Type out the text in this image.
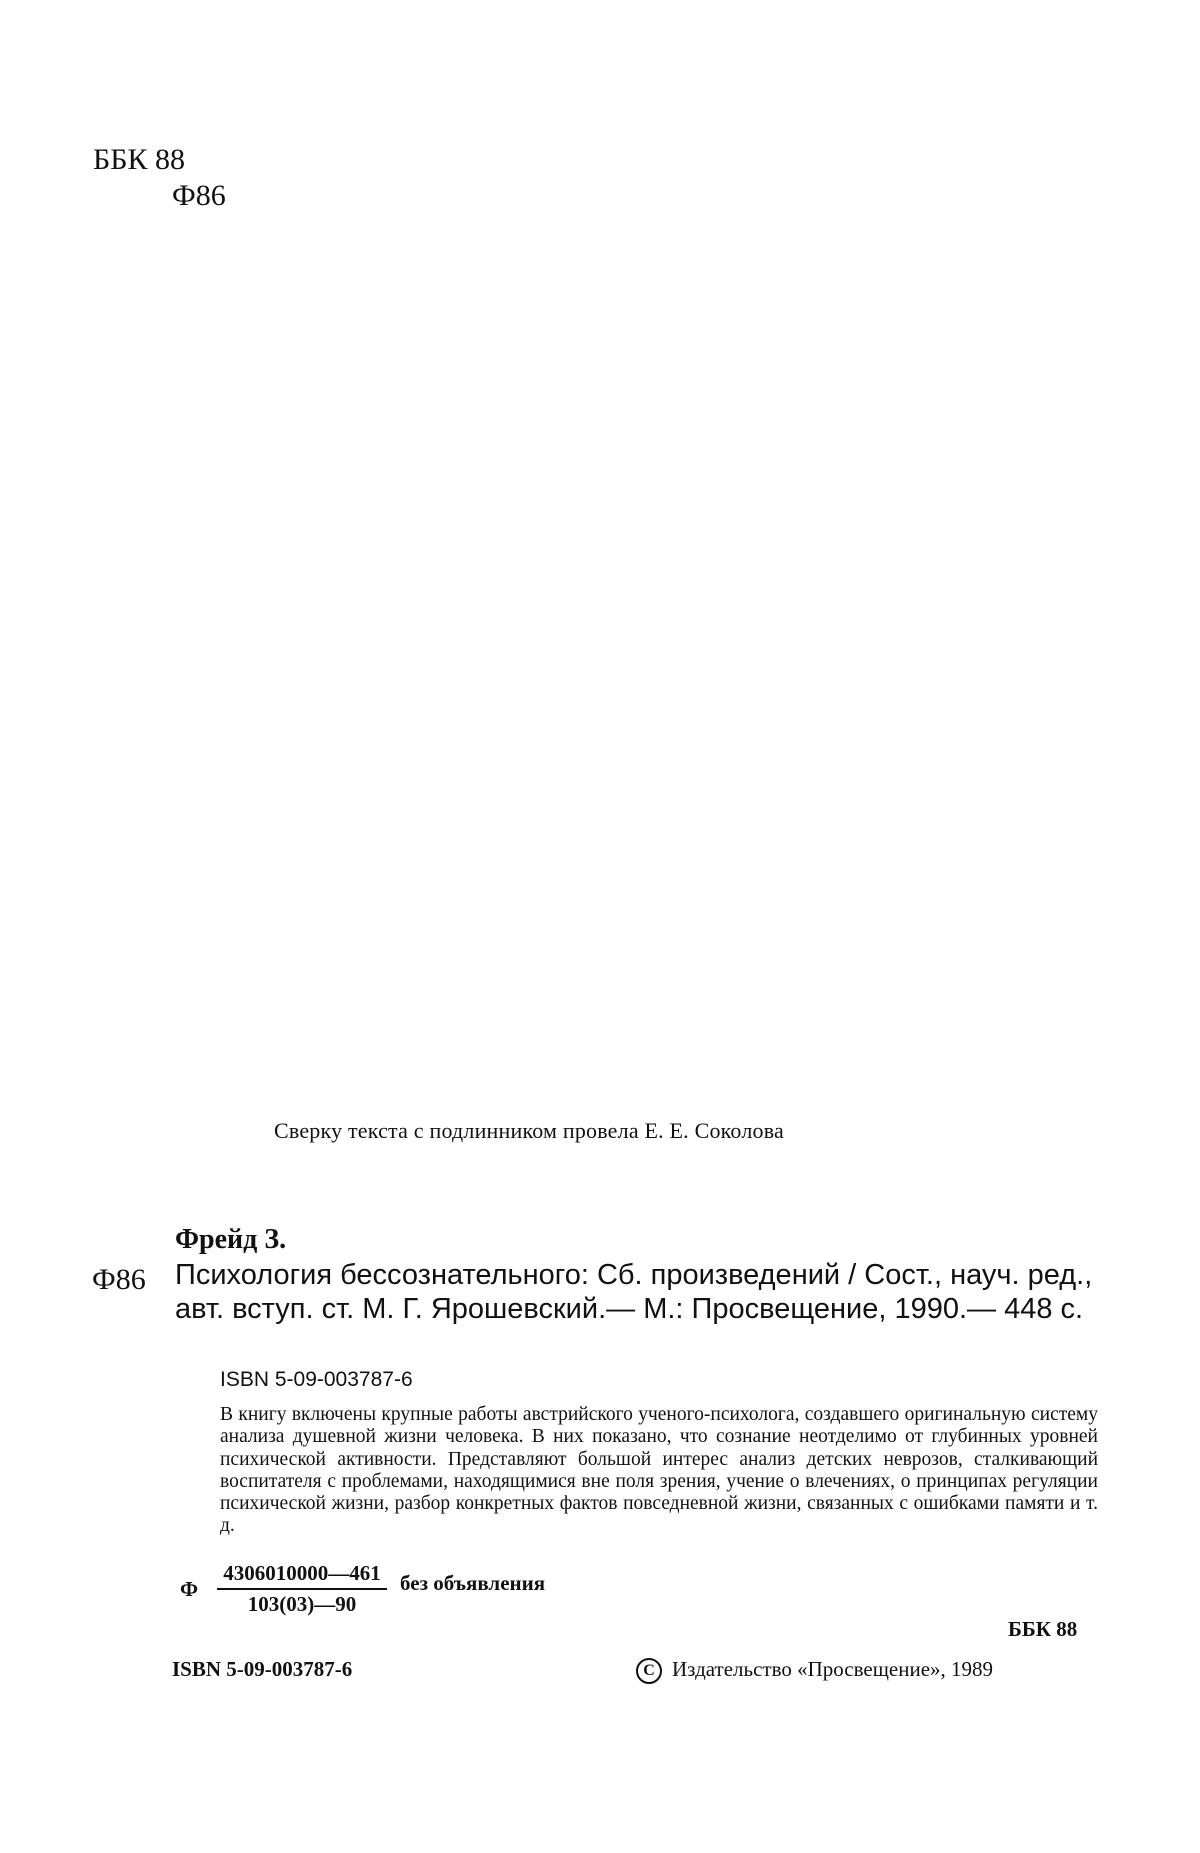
ББК 88
Ф86
Сверку текста с подлинником провела Е. Е. Соколова
Фрейд З.
Ф86 Психология бессознательного: Сб. произведений / Сост., науч. ред., авт. вступ. ст. М. Г. Ярошевский.— М.: Просвещение, 1990.— 448 с.
ISBN 5-09-003787-6

В книгу включены крупные работы австрийского ученого-психолога, создавшего оригинальную систему анализа душевной жизни человека. В них показано, что сознание неотделимо от глубинных уровней психической активности. Представляют большой интерес анализ детских неврозов, сталкивающий воспитателя с проблемами, находящимися вне поля зрения, учение о влечениях, о принципах регуляции психической жизни, разбор конкретных фактов повседневной жизни, связанных с ошибками памяти и т. д.

Ф $\frac{4306010000—461}{103(03)—90}$ без объявления
ББК 88
ISBN 5-09-003787-6	C Издательство «Просвещение», 1989
